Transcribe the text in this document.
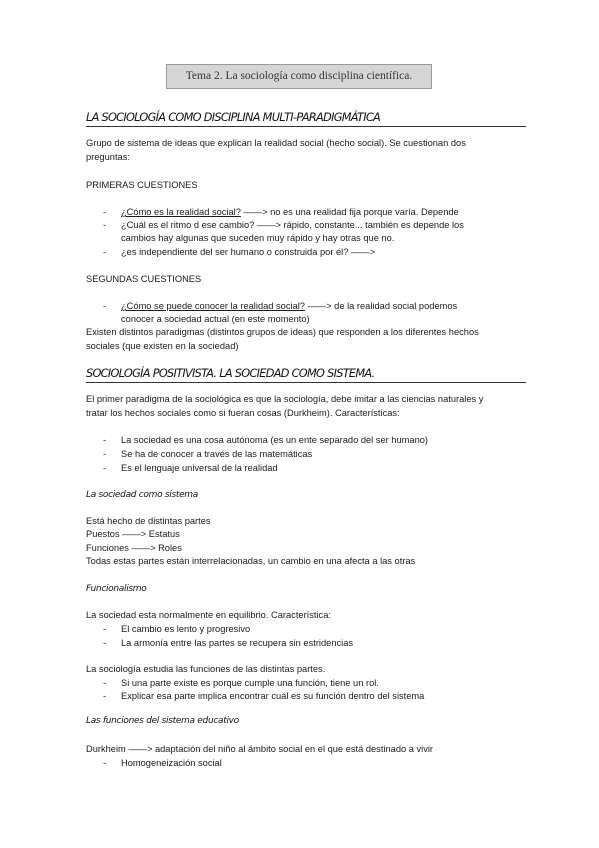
Tema 2. La sociología como disciplina científica.
LA SOCIOLOGÍA COMO DISCIPLINA MULTI-PARADIGMÁTICA
Grupo de sistema de ideas que explican la realidad social (hecho social). Se cuestionan dos
preguntas:
PRIMERAS CUESTIONES
- ¿Cómo es la realidad social? ——> no es una realidad fija porque varía. Depende
- ¿Cuál es el ritmo d ese cambio? ——> rápido, constante... también es depende los
cambios hay algunas que suceden muy rápido y hay otras que no.
- ¿es independiente del ser humano o construida por él? ——>
SEGUNDAS CUESTIONES
- ¿Cómo se puede conocer la realidad social? ——> de la realidad social podemos
conocer a sociedad actual (en este momento)
Existen distintos paradigmas (distintos grupos de ideas) que responden a los diferentes hechos
sociales (que existen en la sociedad)
SOCIOLOGÍA POSITIVISTA. LA SOCIEDAD COMO SISTEMA.
El primer paradigma de la sociológica es que la sociología, debe imitar a las ciencias naturales y
tratar los hechos sociales como si fueran cosas (Durkheim). Características:
- La sociedad es una cosa autónoma (es un ente separado del ser humano)
- Se ha de conocer a través de las matemáticas
- Es el lenguaje universal de la realidad
La sociedad como sistema
Está hecho de distintas partes
Puestos ——> Estatus
Funciones ——> Roles
Todas estas partes están interrelacionadas, un cambio en una afecta a las otras
Funcionalismo
La sociedad esta normalmente en equilibrio. Característica:
- El cambio es lento y progresivo
- La armonía entre las partes se recupera sin estridencias
La sociología estudia las funciones de las distintas partes.
- Si una parte existe es porque cumple una función, tiene un rol.
- Explicar esa parte implica encontrar cuál es su función dentro del sistema
Las funciones del sistema educativo
Durkheim ——> adaptación del niño al ámbito social en el que está destinado a vivir
- Homogeneización social
